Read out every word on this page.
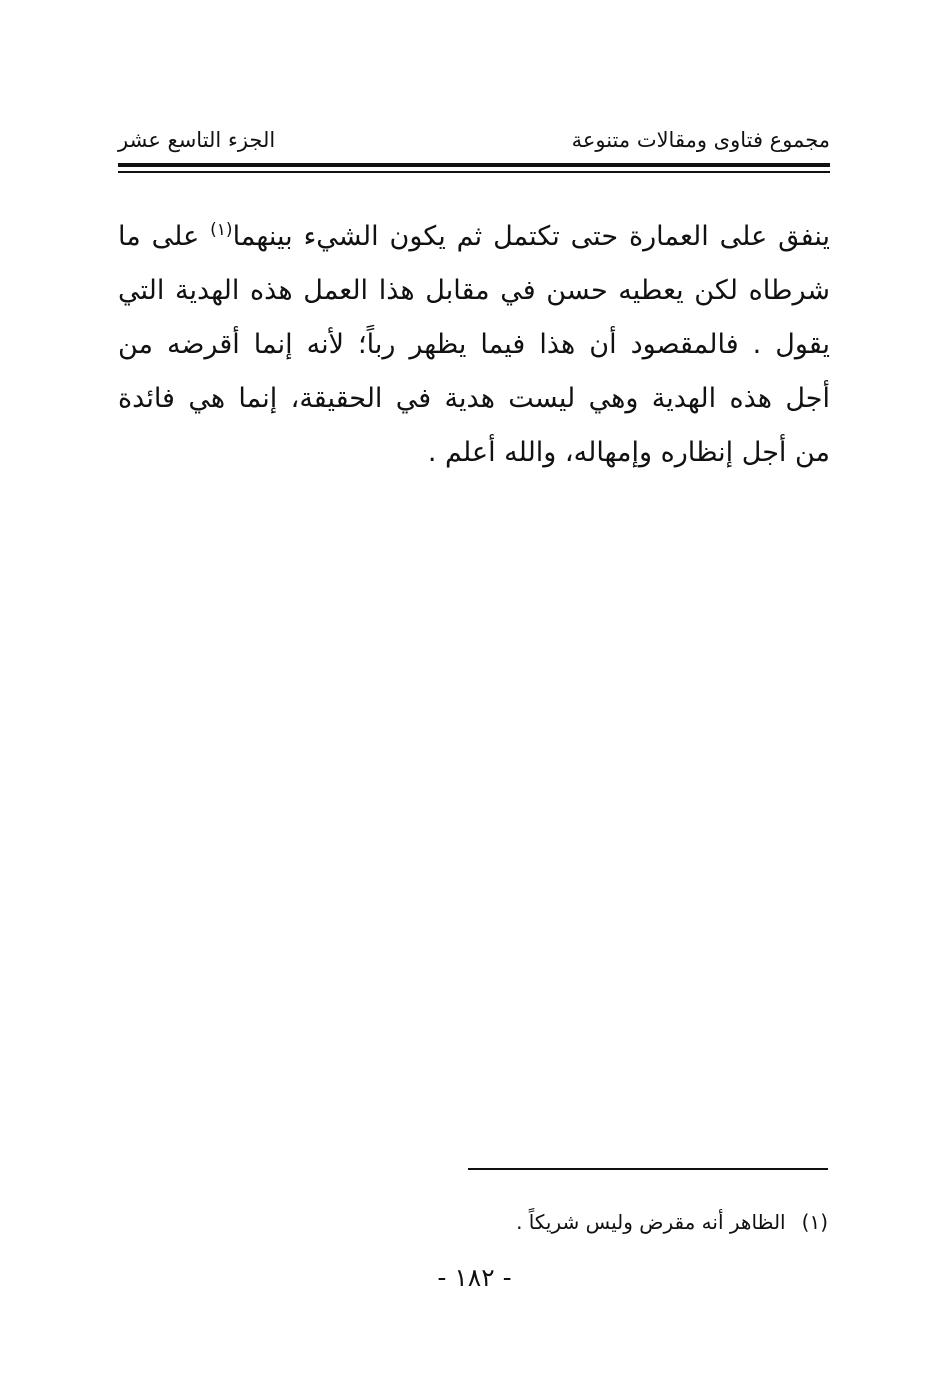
مجموع فتاوى ومقالات متنوعة
الجزء التاسع عشر
ينفق على العمارة حتى تكتمل ثم يكون الشيء بينهما$^{(١)}$ على ما
شرطاه لكن يعطيه حسن في مقابل هذا العمل هذه الهدية التي
يقول . فالمقصود أن هذا فيما يظهر رباً؛ لأنه إنما أقرضه من
أجل هذه الهدية وهي ليست هدية في الحقيقة، إنما هي فائدة
من أجل إنظاره وإمهاله، والله أعلم .
(١)الظاهر أنه مقرض وليس شريكاً .
- ١٨٢ -
